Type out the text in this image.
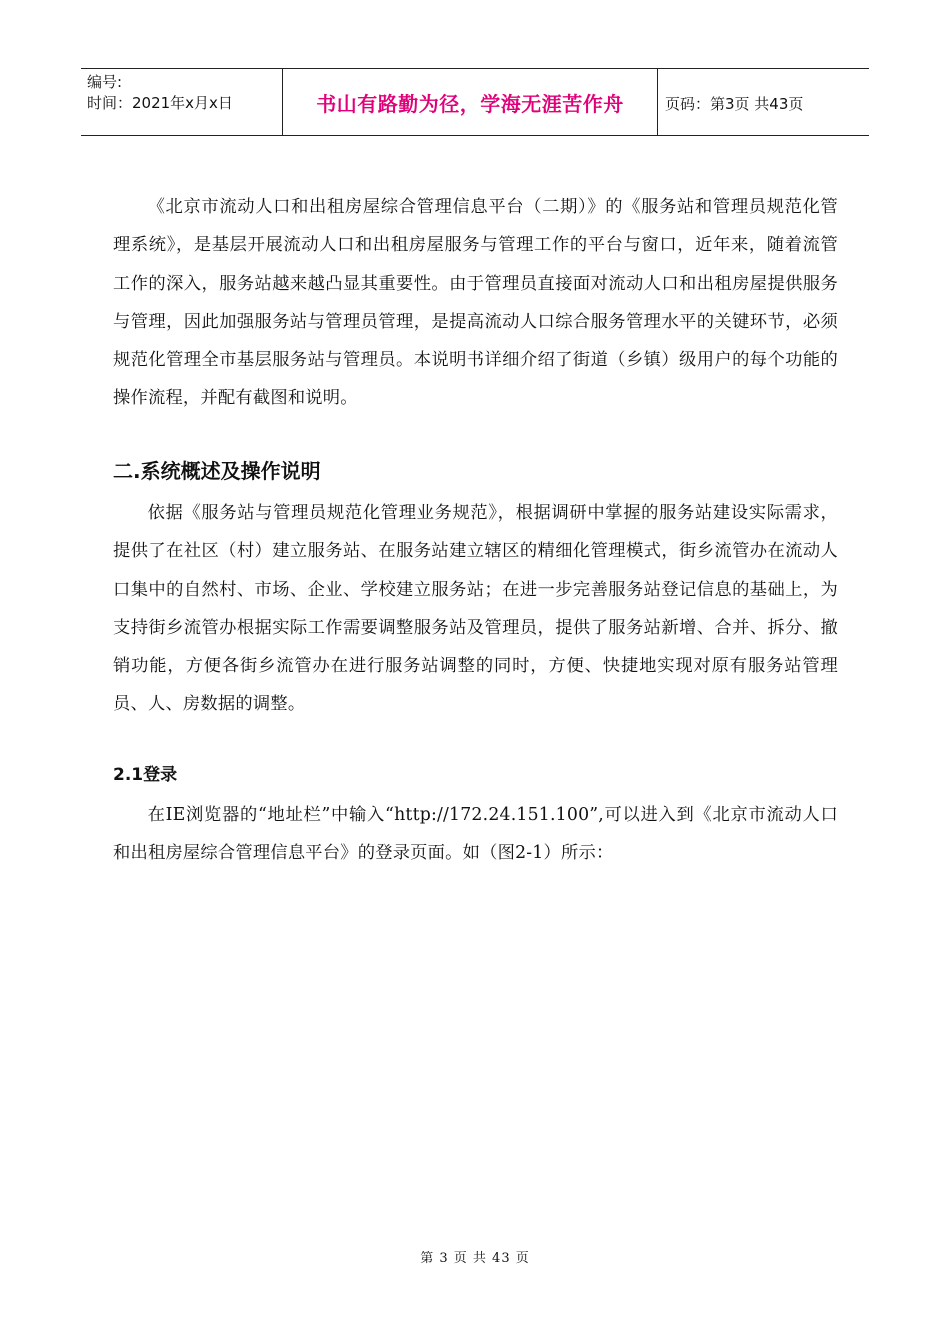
编号:
时间：2021年x月x日	书山有路勤为径，学海无涯苦作舟	页码：第3页 共43页

《北京市流动人口和出租房屋综合管理信息平台（二期）》的《服务站和管理员规范化管理系统》，是基层开展流动人口和出租房屋服务与管理工作的平台与窗口，近年来，随着流管工作的深入，服务站越来越凸显其重要性。由于管理员直接面对流动人口和出租房屋提供服务与管理，因此加强服务站与管理员管理，是提高流动人口综合服务管理水平的关键环节，必须规范化管理全市基层服务站与管理员。本说明书详细介绍了街道（乡镇）级用户的每个功能的操作流程，并配有截图和说明。

二.系统概述及操作说明

依据《服务站与管理员规范化管理业务规范》，根据调研中掌握的服务站建设实际需求，提供了在社区（村）建立服务站、在服务站建立辖区的精细化管理模式，街乡流管办在流动人口集中的自然村、市场、企业、学校建立服务站；在进一步完善服务站登记信息的基础上，为支持街乡流管办根据实际工作需要调整服务站及管理员，提供了服务站新增、合并、拆分、撤销功能，方便各街乡流管办在进行服务站调整的同时，方便、快捷地实现对原有服务站管理员、人、房数据的调整。

2.1登录

在IE浏览器的“地址栏”中输入“http://172.24.151.100”,可以进入到《北京市流动人口和出租房屋综合管理信息平台》的登录页面。如（图2-1）所示：

第 3 页 共 43 页
